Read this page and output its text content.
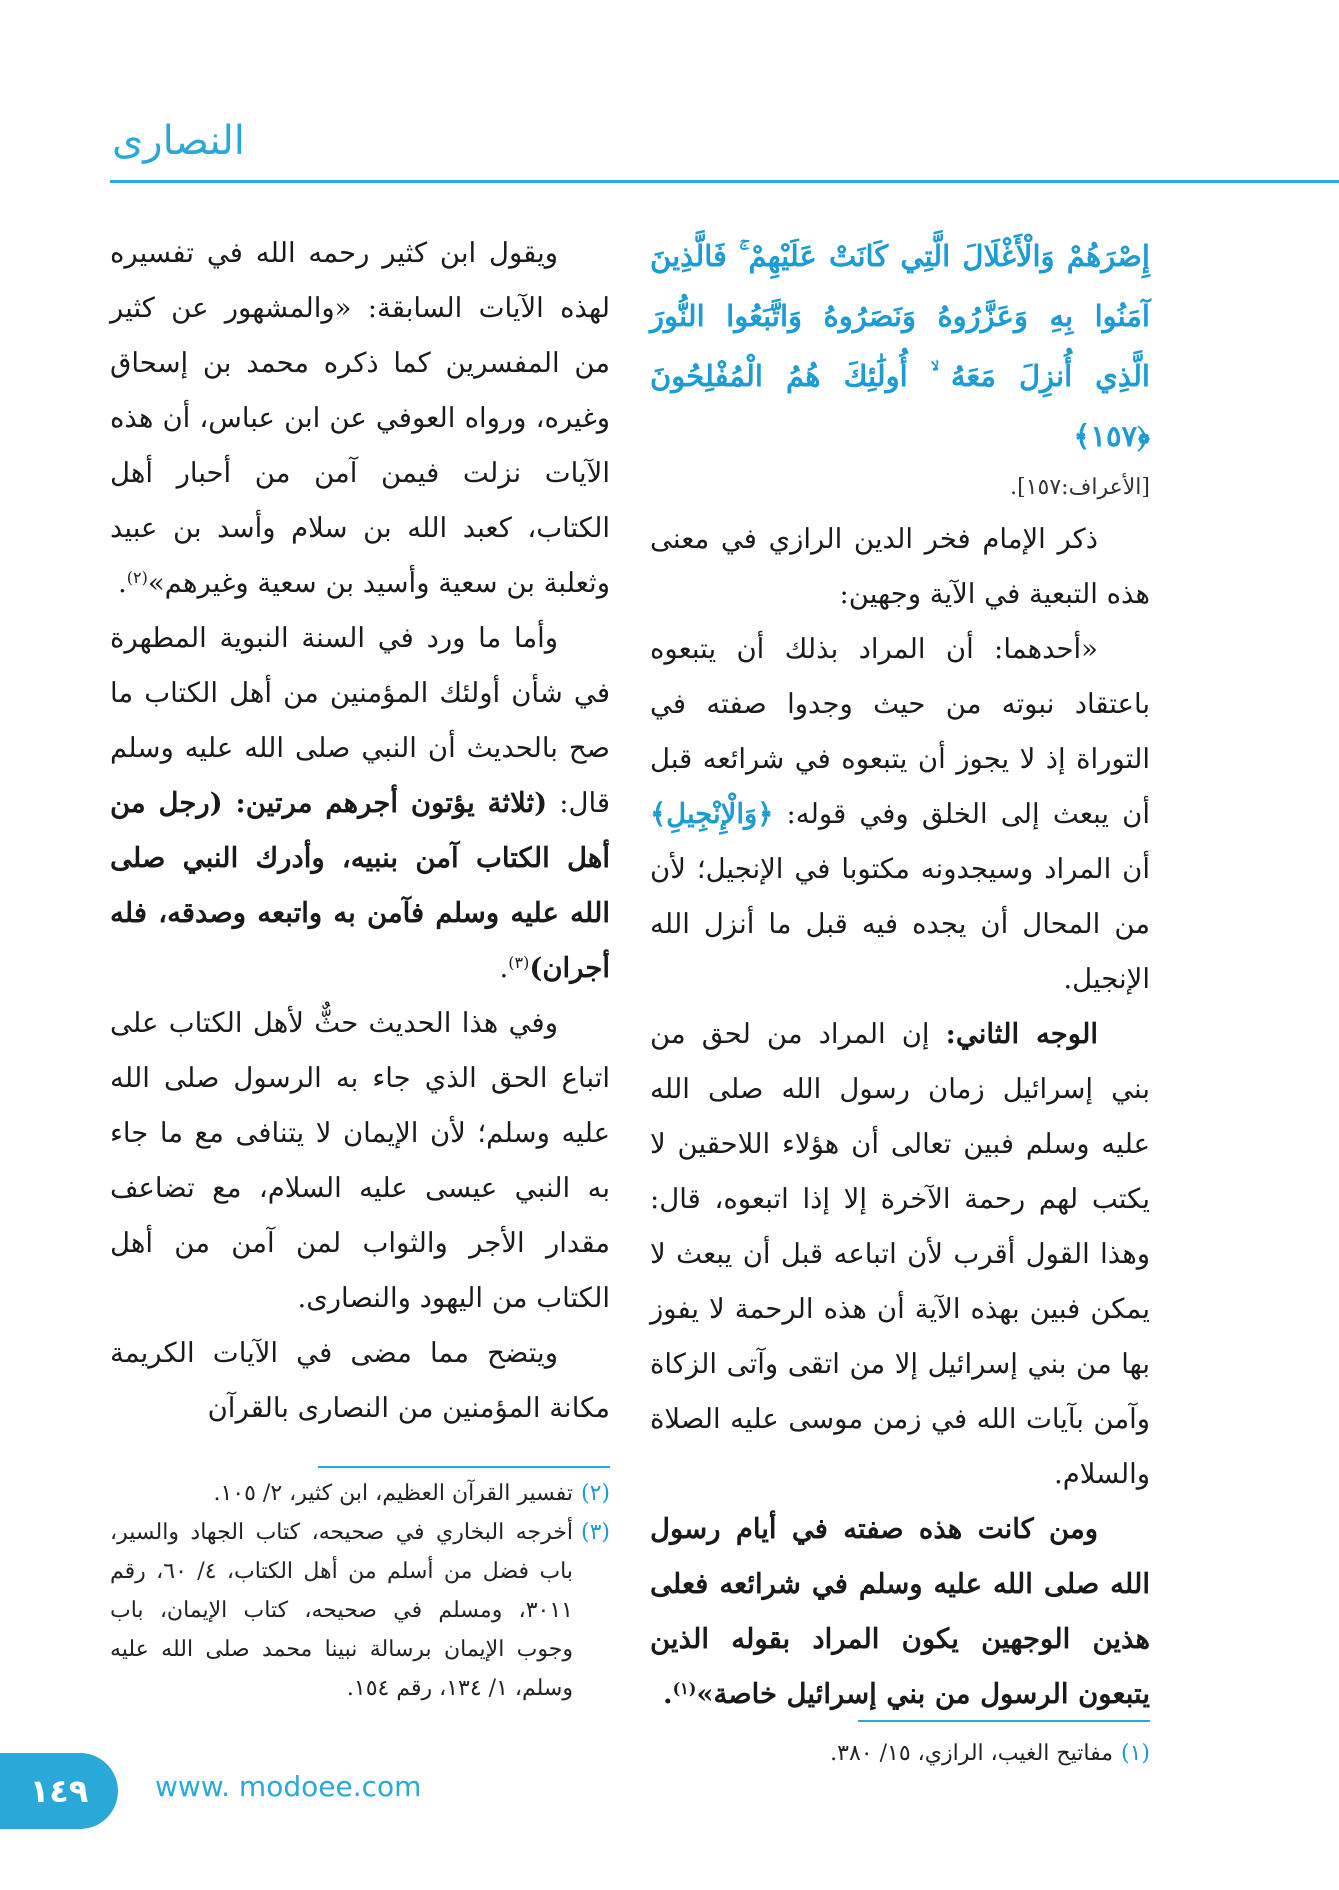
النصارى

إِصْرَهُمْ وَالْأَغْلَالَ الَّتِي كَانَتْ عَلَيْهِمْ ۚ فَالَّذِينَ آمَنُوا بِهِ وَعَزَّرُوهُ وَنَصَرُوهُ وَاتَّبَعُوا النُّورَ الَّذِي أُنزِلَ مَعَهُ ۙ أُولَٰئِكَ هُمُ الْمُفْلِحُونَ ﴿١٥٧﴾

[الأعراف:١٥٧].

ذكر الإمام فخر الدين الرازي في معنى هذه التبعية في الآية وجهين:

«أحدهما: أن المراد بذلك أن يتبعوه باعتقاد نبوته من حيث وجدوا صفته في التوراة إذ لا يجوز أن يتبعوه في شرائعه قبل أن يبعث إلى الخلق وفي قوله: ﴿وَالْإِنْجِيلِ﴾ أن المراد وسيجدونه مكتوبا في الإنجيل؛ لأن من المحال أن يجده فيه قبل ما أنزل الله الإنجيل.

الوجه الثاني: إن المراد من لحق من بني إسرائيل زمان رسول الله صلى الله عليه وسلم فبين تعالى أن هؤلاء اللاحقين لا يكتب لهم رحمة الآخرة إلا إذا اتبعوه، قال: وهذا القول أقرب لأن اتباعه قبل أن يبعث لا يمكن فبين بهذه الآية أن هذه الرحمة لا يفوز بها من بني إسرائيل إلا من اتقى وآتى الزكاة وآمن بآيات الله في زمن موسى عليه الصلاة والسلام.

ومن كانت هذه صفته في أيام رسول الله صلى الله عليه وسلم في شرائعه فعلى هذين الوجهين يكون المراد بقوله الذين يتبعون الرسول من بني إسرائيل خاصة»$^{(١)}$.

(١)
مفاتيح الغيب، الرازي، ١٥/ ٣٨٠.

ويقول ابن كثير رحمه الله في تفسيره لهذه الآيات السابقة: «والمشهور عن كثير من المفسرين كما ذكره محمد بن إسحاق وغيره، ورواه العوفي عن ابن عباس، أن هذه الآيات نزلت فيمن آمن من أحبار أهل الكتاب، كعبد الله بن سلام وأسد بن عبيد وثعلبة بن سعية وأسيد بن سعية وغيرهم»$^{(٢)}$.

وأما ما ورد في السنة النبوية المطهرة في شأن أولئك المؤمنين من أهل الكتاب ما صح بالحديث أن النبي صلى الله عليه وسلم قال: (ثلاثة يؤتون أجرهم مرتين: (رجل من أهل الكتاب آمن بنبيه، وأدرك النبي صلى الله عليه وسلم فآمن به واتبعه وصدقه، فله أجران)$^{(٣)}$.

وفي هذا الحديث حثٌّ لأهل الكتاب على اتباع الحق الذي جاء به الرسول صلى الله عليه وسلم؛ لأن الإيمان لا يتنافى مع ما جاء به النبي عيسى عليه السلام، مع تضاعف مقدار الأجر والثواب لمن آمن من أهل الكتاب من اليهود والنصارى.

ويتضح مما مضى في الآيات الكريمة مكانة المؤمنين من النصارى بالقرآن

(٢)
تفسير القرآن العظيم، ابن كثير، ٢/ ١٠٥.
(٣)
أخرجه البخاري في صحيحه، كتاب الجهاد والسير، باب فضل من أسلم من أهل الكتاب، ٤/ ٦٠، رقم ٣٠١١، ومسلم في صحيحه، كتاب الإيمان، باب وجوب الإيمان برسالة نبينا محمد صلى الله عليه وسلم، ١/ ١٣٤، رقم ١٥٤.
١٤٩	www. modoee.com
